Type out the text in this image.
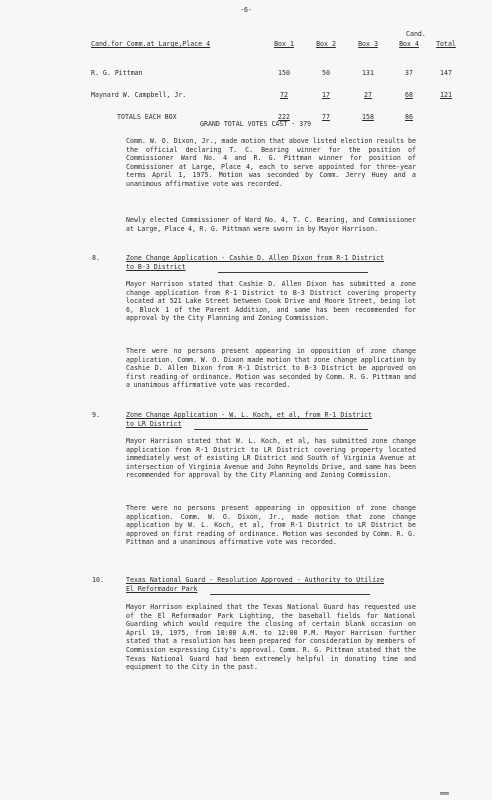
-6-
Cand.
Cand.for Comm.at Large,Place 4	Box 1	Box 2	Box 3	Box 4	Total

R. G. Pittman	150	50	131	37	147

Maynard W. Campbell, Jr.	72	17	27	68	121

TOTALS EACH BOX	222	77	158	86	
GRAND TOTAL VOTES CAST - 379
Comm. W. O. Dixon, Jr., made motion that above listed election results be the official declaring T. C. Bearing winner for the position of Commissioner Ward No. 4 and R. G. Pittman winner for position of Commissioner at Large, Place 4, each to serve appointed for three-year terms April 1, 1975. Motion was seconded by Comm. Jerry Huey and a unanimous affirmative vote was recorded.
Newly elected Commissioner of Ward No. 4, T. C. Bearing, and Commissioner at Large, Place 4, R. G. Pittman were sworn in by Mayor Harrison.
8.	Zone Change Application - Cashie D. Allen Dixon from R-1 District
to B-3 District
Mayor Harrison stated that Cashie D. Allen Dixon has submitted a zone change application from R-1 District to B-3 District covering property located at 521 Lake Street between Cook Drive and Moore Street, being lot 6, Block 1 of the Parent Addition, and same has been recommended for approval by the City Planning and Zoning Commission.
There were no persons present appearing in opposition of zone change application. Comm. W. O. Dixon made motion that zone change application by Cashie D. Allen Dixon from R-1 District to B-3 District be approved on first reading of ordinance. Motion was seconded by Comm. R. G. Pittman and a unanimous affirmative vote was recorded.
9.	Zone Change Application - W. L. Koch, et al, from R-1 District
to LR District
Mayor Harrison stated that W. L. Koch, et al, has submitted zone change application from R-1 District to LR District covering property located immediately west of existing LR District and South of Virginia Avenue at intersection of Virginia Avenue and John Reynolds Drive, and same has been recommended for approval by the City Planning and Zoning Commission.
There were no persons present appearing in opposition of zone change application. Comm. W. O. Dixon, Jr., made motion that zone change application by W. L. Koch, et al, from R-1 District to LR District be approved on first reading of ordinance. Motion was seconded by Comm. R. G. Pittman and a unanimous affirmative vote was recorded.
10.	Texas National Guard - Resolution Approved - Authority to Utilize
El Reformador Park
Mayor Harrison explained that the Texas National Guard has requested use of the El Reformador Park Lighting, the baseball fields for National Guarding which would require the closing of certain blank occasion on April 19, 1975, from 10:00 A.M. to 12:00 P.M. Mayor Harrison further stated that a resolution has been prepared for consideration by members of Commission expressing City's approval. Comm. R. G. Pittman stated that the Texas National Guard had been extremely helpful in donating time and equipment to the City in the past.
mmm
